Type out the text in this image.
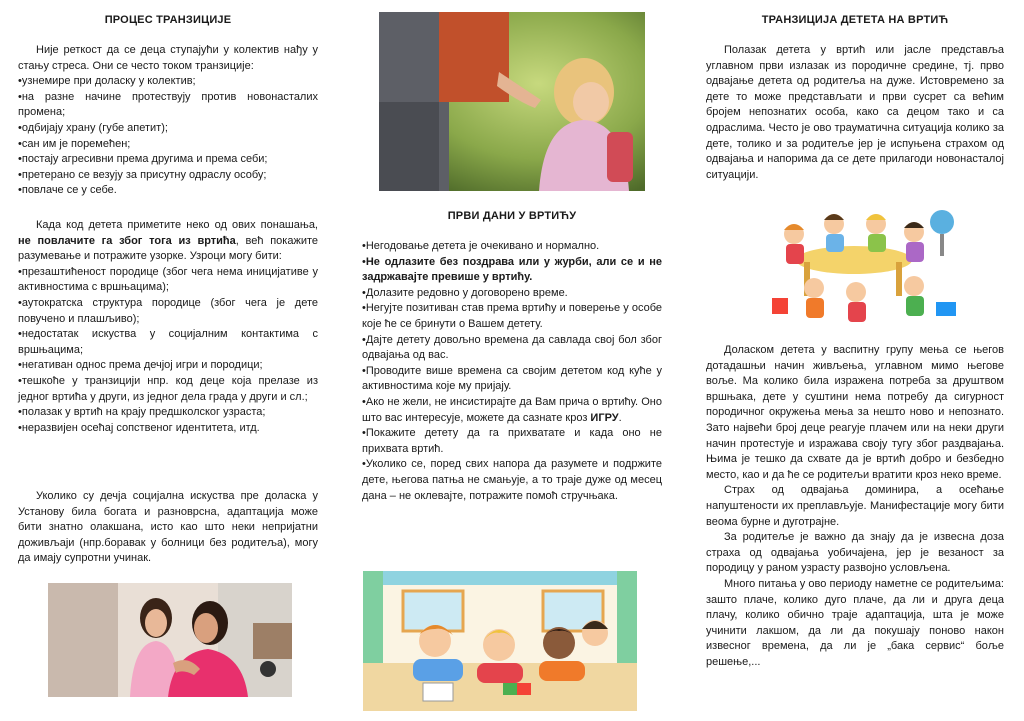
ПРОЦЕС ТРАНЗИЦИЈЕ

Није реткост да се деца ступајући у колектив нађу у стању стреса. Они се често током транзиције:

• узнемире при доласку у колектив;
• на разне начине протествују против новонасталих промена;
• одбијају храну (губе апетит);
• сан им је поремећен;
• постају агресивни према другима и према себи;
• претерано се везују за присутну одраслу особу;
• повлаче се у себе.

Када код детета приметите неко од ових понашања, не повлачите га због тога из вртића, већ покажите разумевање и потражите узорке. Узроци могу бити:

• презаштићеност породице (због чега нема иницијативе у активностима с вршњацима);
• аутократска структура породице (због чега је дете повучено и плашљиво);
• недостатак искуства у социјалним контактима с вршњацима;
• негативан однос према дечјој игри и породици;
• тешкоће у транзицији нпр. код деце која прелазе из једног вртића у други, из једног дела града у други и сл.;
• полазак у вртић на крају предшколског узраста;
• неразвијен осећај сопственог идентитета, итд.

Уколико су дечја социјална искуства пре доласка у Установу била богата и разноврсна, адаптација може бити знатно олакшана, исто као што неки непријатни доживљаји (нпр.боравак у болници без родитеља), могу да имају супротни учинак.

ПРВИ ДАНИ У ВРТИЋУ
• Негодовање детета је очекивано и нормално.
• Не одлазите без поздрава или у журби, али се и не задржавајте превише у вртићу.
• Долазите редовно у договорено време.
• Негујте позитиван став према вртићу и поверење у особе које ће се бринути о Вашем детету.
• Дајте детету довољно времена да савлада свој бол због одвајања од вас.
• Проводите више времена са својим дететом код куће у активностима које му пријају.
• Ако не жели, не инсистирајте да Вам прича о вртићу. Оно што вас интересује, можете да сазнате кроз ИГРУ.
• Покажите детету да га прихватате и када оно не прихвата вртић.
• Уколико се, поред свих напора да разумете и подржите дете, његова патња не смањује, а то траје дуже од месец дана – не оклевајте, потражите помоћ стручњака.
ТРАНЗИЦИЈА ДЕТЕТА НА ВРТИЋ

Полазак детета у вртић или јасле представља углавном први излазак из породичне средине, тј. прво одвајање детета од родитеља на дуже. Истовремено за дете то може представљати и први сусрет са већим бројем непознатих особа, како са децом тако и са одраслима. Често је ово трауматична ситуација колико за дете, толико и за родитеље јер је испуњена страхом од одвајања и напорима да се дете прилагоди новонасталој ситуацији.

Доласком детета у васпитну групу мења се његов дотадашњи начин живљења, углавном мимо његове воље. Ма колико била изражена потреба за друштвом вршњака, дете у суштини нема потребу да сигурност породичног окружења мења за нешто ново и непознато. Зато највећи број деце реагује плачем или на неки други начин протестује и изражава своју тугу због раздвајања. Њима је тешко да схвате да је вртић добро и безбедно место, као и да ће се родитељи вратити кроз неко време.

Страх од одвајања доминира, а осећање напуштености их преплављује. Манифестације могу бити веома бурне и дуготрајне.

За родитеље је важно да знају да је извесна доза страха од одвајања уобичајена, јер је везаност за породицу у раном узрасту развојно условљена.

Много питања у ово периоду наметне се родитељима: зашто плаче, колико дуго плаче, да ли и друга деца плачу, колико обично траје адаптација, шта је може учинити лакшом, да ли да покушају поново након извесног времена, да ли је „бака сервис“ боље решење,...
